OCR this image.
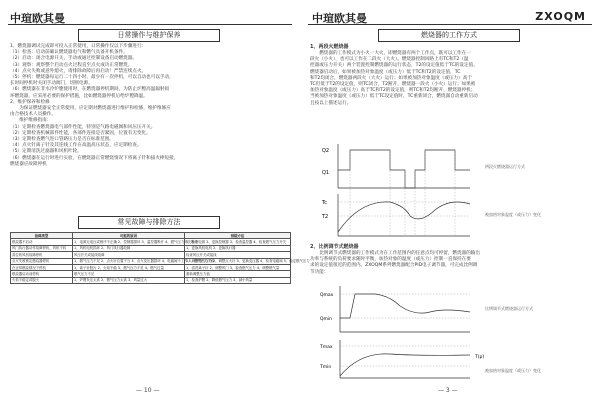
中瑄欧其曼
日常操作与维护保养
1、燃烧器调试完成即可投入正常使用，日常操作仅以下步骤进行：
（1）检查：启动前确认燃烧器电气和燃气具备开机条件。
（2）启动：闭合电源开关，手动或通过控制设备启动燃烧器。
（3）观察：观察整个启动点火过程直至点火成功正常燃烧。
（4）点火失败或意外熄火，请排除故障后再启动！严禁连续点火。
（5）停机：燃烧器每运行二十四小时，最少有一次停机，可以自动也可以手动，
长时间停机时关闭手动阀门，切断电源。
（6）燃烧器在非水冷炉膛使用时，在燃烧器停机期间，为防止炉膛高温辐射损
坏燃烧器，应采用必要的保护措施，比如燃烧器停机后给炉膛降温。
2、维护保养和检修
　　为保证燃烧器安全正常使用，应定期对燃烧器进行维护和检修，维护维修应
由合格技术人员操作。
　　维护维修指南：
（1）定期检查燃烧器电气部件性能，特别是气路电磁阀和风压压开关。
（2）定期检查机械部件性能，各部件连接是否紧固，位置有无变化。
（3）定期检查燃气进口管路压力是否在标准范围。
（4）点火针离子针及其连线工作在高温高压状态，应定期检查。
（5）定期清洗过滤器和风机叶轮。
（6）燃烧器在运行时进行实验，在燃烧器正常燃烧情况下将离子针和拔火棒短接，
燃烧器应故障停机
常见故障与排除方法
故障类型	可能的原因	排除方法
燃烧器不启动	1、电源无电压或相序不正确 2、控制器损坏 3、温控器断开 4、燃气压力开关断开	1、检查电源 2、更换控制器 3、检查温控器 4、检查燃气压力开关
风门执行器动作故障停机、风机不转	1、风机电机损坏 2、风门执行器故障	1、更换风机电机 2、更换执行器
高位吹风机故障停机	风压开关或接线故障	检查风压开关或接线
点火失败锁定燃烧器停机	1、燃气压力不足 2、点火针位置不当 3、点火变压器损坏 4、电磁阀不工作 5、燃气压力不稳	1、调整燃气压力 2、调整点火针 3、更换变压器 4、检查电磁阀 5、稳定燃气压力
在正常燃烧情况下停机	1、离子针脏污 2、火焰不稳 3、燃气压力不足 4、燃气过量	1、清洗离子针 2、调整风门 3、检查燃气压力 4、调整燃气量
燃烧器启动前停机	燃气压力不足	重新调整压力值
火焰不稳定或脱火	1、炉膛负压太高 2、燃气压力太高 3、风量过大	1、检查炉膛 2、降低燃气压力 3、减小风量
— 10 —
中瑄欧其曼	ZXOQM
燃烧器的工作方式
1、两段火燃烧器
　　燃烧器的工作模式为小火一大火，即燃烧器有两个工作点，既可以工作在一
段火（小火），也可以工作在二段火（大火）。燃烧器控制回路上有TC和T2（温
控器或压力开关）两个装置控制燃烧器的运行状态，T2的设定值低于TC的设定值。
燃烧器启动后，如果被加热对象温度（或压力）低于TC和T2的设定值，TC
和T2均闭合，燃烧器两段火（大火）运行；如果被加热对象温度（或压力）高于
TC但低于T2的设定值，则TC闭合，T2断开，燃烧器一段火（小火）运行；如果被
加热对象温度（或压力）高于TC和T2的设定值，则TC和T2均断开，燃烧器停机；
当被加热对象温度（或压力）低于TC设定值时，TC重新闭合，燃烧器自动重新启动
且按以上描述运行。
Q2
Q1
两段火燃烧器运行方式
Tc
T2	被加热对象温度（或压力）变化
2、比例调节式燃烧器
　　比例调节式燃烧器的工作模式为在工作范围内的任意点均可停留，燃烧器的输出
功率与系统的负荷要求随时平衡，加热对象的温度（或压力）控制一直保持在要
求的设定值很近的范围内。ZXOQM系列燃烧器配合PID电子调节器，可完成比例调
节功能：
Qmax
Qmin
比例调节式燃烧器运行方式
Tmax
Tmin
T(p)
被加热对象温度（或压力）变化
— 3 —
